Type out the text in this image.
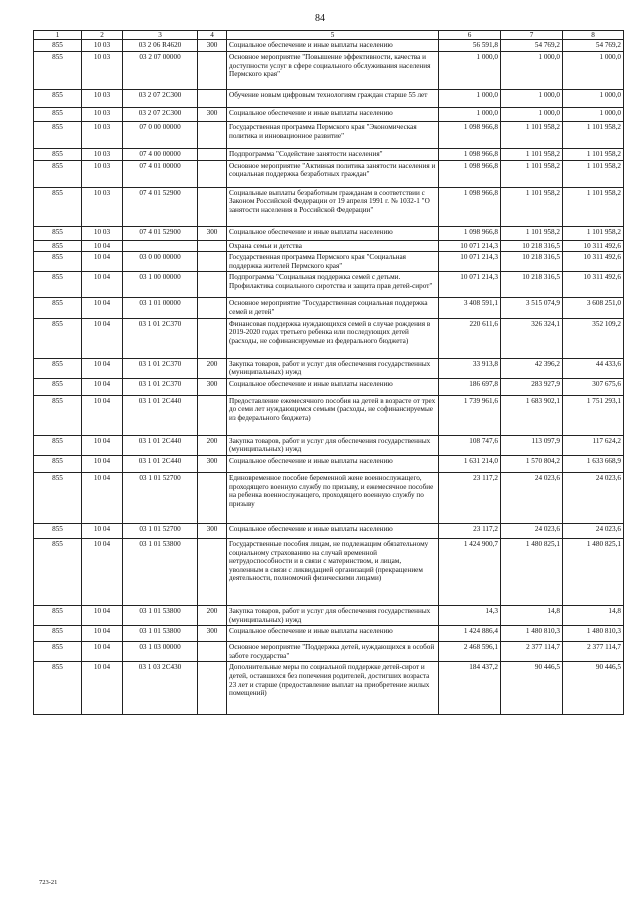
84
1	2	3	4	5	6	7	8
855	10 03	03 2 06 R4620	300	Социальное обеспечение и иные выплаты населению	56 591,8	54 769,2	54 769,2
855	10 03	03 2 07 00000		Основное мероприятие "Повышение эффективности, качества и доступности услуг в сфере социального обслуживания населения Пермского края"	1 000,0	1 000,0	1 000,0
855	10 03	03 2 07 2С300		Обучение новым цифровым технологиям граждан старше 55 лет	1 000,0	1 000,0	1 000,0
855	10 03	03 2 07 2С300	300	Социальное обеспечение и иные выплаты населению	1 000,0	1 000,0	1 000,0
855	10 03	07 0 00 00000		Государственная программа Пермского края "Экономическая политика и инновационное развитие"	1 098 966,8	1 101 958,2	1 101 958,2
855	10 03	07 4 00 00000		Подпрограмма "Содействие занятости населения"	1 098 966,8	1 101 958,2	1 101 958,2
855	10 03	07 4 01 00000		Основное мероприятие "Активная политика занятости населения и социальная поддержка безработных граждан"	1 098 966,8	1 101 958,2	1 101 958,2
855	10 03	07 4 01 52900		Социальные выплаты безработным гражданам в соответствии с Законом Российской Федерации от 19 апреля 1991 г. № 1032-1 "О занятости населения в Российской Федерации"	1 098 966,8	1 101 958,2	1 101 958,2
855	10 03	07 4 01 52900	300	Социальное обеспечение и иные выплаты населению	1 098 966,8	1 101 958,2	1 101 958,2
855	10 04			Охрана семьи и детства	10 071 214,3	10 218 316,5	10 311 492,6
855	10 04	03 0 00 00000		Государственная программа Пермского края "Социальная поддержка жителей Пермского края"	10 071 214,3	10 218 316,5	10 311 492,6
855	10 04	03 1 00 00000		Подпрограмма "Социальная поддержка семей с детьми. Профилактика социального сиротства и защита прав детей-сирот"	10 071 214,3	10 218 316,5	10 311 492,6
855	10 04	03 1 01 00000		Основное мероприятие "Государственная социальная поддержка семей и детей"	3 408 591,1	3 515 074,9	3 608 251,0
855	10 04	03 1 01 2С370		Финансовая поддержка нуждающихся семей в случае рождения в 2019-2020 годах третьего ребенка или последующих детей (расходы, не софинансируемые из федерального бюджета)	220 611,6	326 324,1	352 109,2
855	10 04	03 1 01 2С370	200	Закупка товаров, работ и услуг для обеспечения государственных (муниципальных) нужд	33 913,8	42 396,2	44 433,6
855	10 04	03 1 01 2С370	300	Социальное обеспечение и иные выплаты населению	186 697,8	283 927,9	307 675,6
855	10 04	03 1 01 2С440		Предоставление ежемесячного пособия на детей в возрасте от трех до семи лет нуждающимся семьям (расходы, не софинансируемые из федерального бюджета)	1 739 961,6	1 683 902,1	1 751 293,1
855	10 04	03 1 01 2С440	200	Закупка товаров, работ и услуг для обеспечения государственных (муниципальных) нужд	108 747,6	113 097,9	117 624,2
855	10 04	03 1 01 2С440	300	Социальное обеспечение и иные выплаты населению	1 631 214,0	1 570 804,2	1 633 668,9
855	10 04	03 1 01 52700		Единовременное пособие беременной жене военнослужащего, проходящего военную службу по призыву, и ежемесячное пособие на ребенка военнослужащего, проходящего военную службу по призыву	23 117,2	24 023,6	24 023,6
855	10 04	03 1 01 52700	300	Социальное обеспечение и иные выплаты населению	23 117,2	24 023,6	24 023,6
855	10 04	03 1 01 53800		Государственные пособия лицам, не подлежащим обязательному социальному страхованию на случай временной нетрудоспособности и в связи с материнством, и лицам, уволенным в связи с ликвидацией организаций (прекращением деятельности, полномочий физическими лицами)	1 424 900,7	1 480 825,1	1 480 825,1
855	10 04	03 1 01 53800	200	Закупка товаров, работ и услуг для обеспечения государственных (муниципальных) нужд	14,3	14,8	14,8
855	10 04	03 1 01 53800	300	Социальное обеспечение и иные выплаты населению	1 424 886,4	1 480 810,3	1 480 810,3
855	10 04	03 1 03 00000		Основное мероприятие "Поддержка детей, нуждающихся в особой заботе государства"	2 468 596,1	2 377 114,7	2 377 114,7
855	10 04	03 1 03 2С430		Дополнительные меры по социальной поддержке детей-сирот и детей, оставшихся без попечения родителей, достигших возраста 23 лет и старше (предоставление выплат на приобретение жилых помещений)	184 437,2	90 446,5	90 446,5
723-21
